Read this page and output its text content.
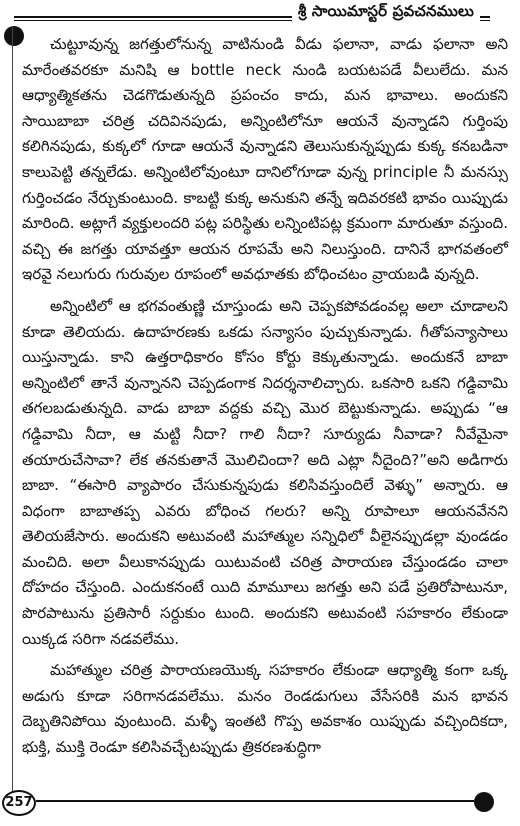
శ్రీ సాయిమాస్టర్ ప్రవచనములు
చుట్టూవున్న జగత్తులోనున్న వాటినుండి వీడు ఫలానా, వాడు ఫలానా అని మారేంతవరకూ మనిషి ఆ bottle neck నుండి బయటపడే వీలులేదు. మన ఆధ్యాత్మికతను చెడగొడుతున్నది ప్రపంచం కాదు, మన భావాలు. అందుకని సాయిబాబా చరిత్ర చదివినపుడు, అన్నింటిలోనూ ఆయనే వున్నాడని గుర్తింపు కలిగినపుడు, కుక్కలో గూడా ఆయనే వున్నాడని తెలుసుకున్నప్పుడు కుక్క కనబడినా కాలుపెట్టి తన్నలేడు. అన్నింటిలోవుంటూ దానిలోగూడా వున్న principle నీ మనస్సు గుర్తించడం నేర్చుకుంటుంది. కాబట్టి కుక్క అనుకుని తన్నే ఇదివరకటి భావం యిప్పుడు మారింది. అట్లాగే వ్యక్తులందరి పట్ల పరిస్థితు లన్నింటిపట్ల క్రమంగా మారుతూ వస్తుంది. వచ్చి ఈ జగత్తు యావత్తూ ఆయన రూపమే అని నిలుస్తుంది. దానినే భాగవతంలో ఇరవై నలుగురు గురువుల రూపంలో అవధూతకు బోధించటం వ్రాయబడి వున్నది.
అన్నింటిలో ఆ భగవంతుణ్ణి చూస్తుండు అని చెప్పకపోవడంవల్ల అలా చూడాలని కూడా తెలియదు. ఉదాహరణకు ఒకడు సన్యాసం పుచ్చుకున్నాడు. గీతోపన్యాసాలు యిస్తున్నాడు. కాని ఉత్తరాధికారం కోసం కోర్టు కెక్కుతున్నాడు. అందుకనే బాబా అన్నింటిలో తానే వున్నానని చెప్పడంగాక నిదర్శనాలిచ్చారు. ఒకసారి ఒకని గడ్డివామి తగలబడుతున్నది. వాడు బాబా వద్దకు వచ్చి మొర బెట్టుకున్నాడు. అప్పుడు “ఆ గడ్డివామి నీదా, ఆ మట్టి నీదా? గాలి నీదా? సూర్యుడు నీవాడా? నీవేమైనా తయారుచేసావా? లేక తనకుతానే మొలిచిందా? అది ఎట్లా నీదైంది?”అని అడిగారు బాబా. “ఈసారి వ్యాపారం చేసుకున్నపుడు కలిసివస్తుందిలే వెళ్ళు” అన్నారు. ఆ విధంగా బాబాతప్ప ఎవరు బోధించ గలరు? అన్ని రూపాలూ ఆయనవేనని తెలియజేసారు. అందుకని అటువంటి మహాత్ముల సన్నిధిలో వీలైనప్పుడల్లా వుండడం మంచిది. అలా వీలుకానప్పుడు యిటువంటి చరిత్ర పారాయణ చేస్తుండడం చాలా దోహదం చేస్తుంది. ఎందుకనంటే యిది మామూలు జగత్తు అని పడే ప్రతిరోపాటునూ, పొరపాటును ప్రతిసారీ సర్దుకుం టుంది. అందుకని అటువంటి సహకారం లేకుండా యిక్కడ సరిగా నడవలేము.
మహాత్ముల చరిత్ర పారాయణయొక్క సహకారం లేకుండా ఆధ్యాత్మి కంగా ఒక్క అడుగు కూడా సరిగానడవలేము. మనం రెండడుగులు వేసేసరికి మన భావన దెబ్బతినిపోయి వుంటుంది. మళ్ళీ ఇంతటి గొప్ప అవకాశం యిప్పుడు వచ్చిందికదా, భుక్తి, ముక్తి రెండూ కలిసివచ్చేటప్పుడు త్రికరణశుద్ధిగా
257
